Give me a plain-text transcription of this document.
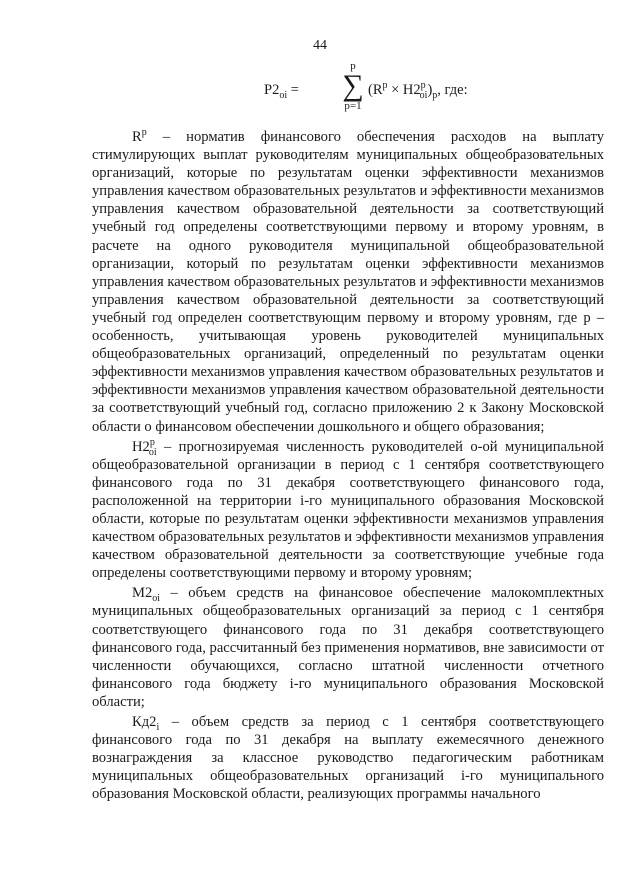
44
$P2_{oi}$ =
p
∑
p=1
$(R^p \times H2^p_{oi})_p$, где:

$R^p$ – норматив финансового обеспечения расходов на выплату стимулирующих выплат руководителям муниципальных общеобразовательных организаций, которые по результатам оценки эффективности механизмов управления качеством образовательных результатов и эффективности механизмов управления качеством образовательной деятельности за соответствующий учебный год определены соответствующими первому и второму уровням, в расчете на одного руководителя муниципальной общеобразовательной организации, который по результатам оценки эффективности механизмов управления качеством образовательных результатов и эффективности механизмов управления качеством образовательной деятельности за соответствующий учебный год определен соответствующим первому и второму уровням, где p – особенность, учитывающая уровень руководителей муниципальных общеобразовательных организаций, определенный по результатам оценки эффективности механизмов управления качеством образовательных результатов и эффективности механизмов управления качеством образовательной деятельности за соответствующий учебный год, согласно приложению 2 к Закону Московской области о финансовом обеспечении дошкольного и общего образования;

$H2^p_{oi}$ – прогнозируемая численность руководителей o-ой муниципальной общеобразовательной организации в период с 1 сентября соответствующего финансового года по 31 декабря соответствующего финансового года, расположенной на территории i-го муниципального образования Московской области, которые по результатам оценки эффективности механизмов управления качеством образовательных результатов и эффективности механизмов управления качеством образовательной деятельности за соответствующие учебные года определены соответствующими первому и второму уровням;

$M2_{oi}$ – объем средств на финансовое обеспечение малокомплектных муниципальных общеобразовательных организаций за период с 1 сентября соответствующего финансового года по 31 декабря соответствующего финансового года, рассчитанный без применения нормативов, вне зависимости от численности обучающихся, согласно штатной численности отчетного финансового года бюджету i-го муниципального образования Московской области;

$Кд2_i$ – объем средств за период с 1 сентября соответствующего финансового года по 31 декабря на выплату ежемесячного денежного вознаграждения за классное руководство педагогическим работникам муниципальных общеобразовательных организаций i-го муниципального образования Московской области, реализующих программы начального
